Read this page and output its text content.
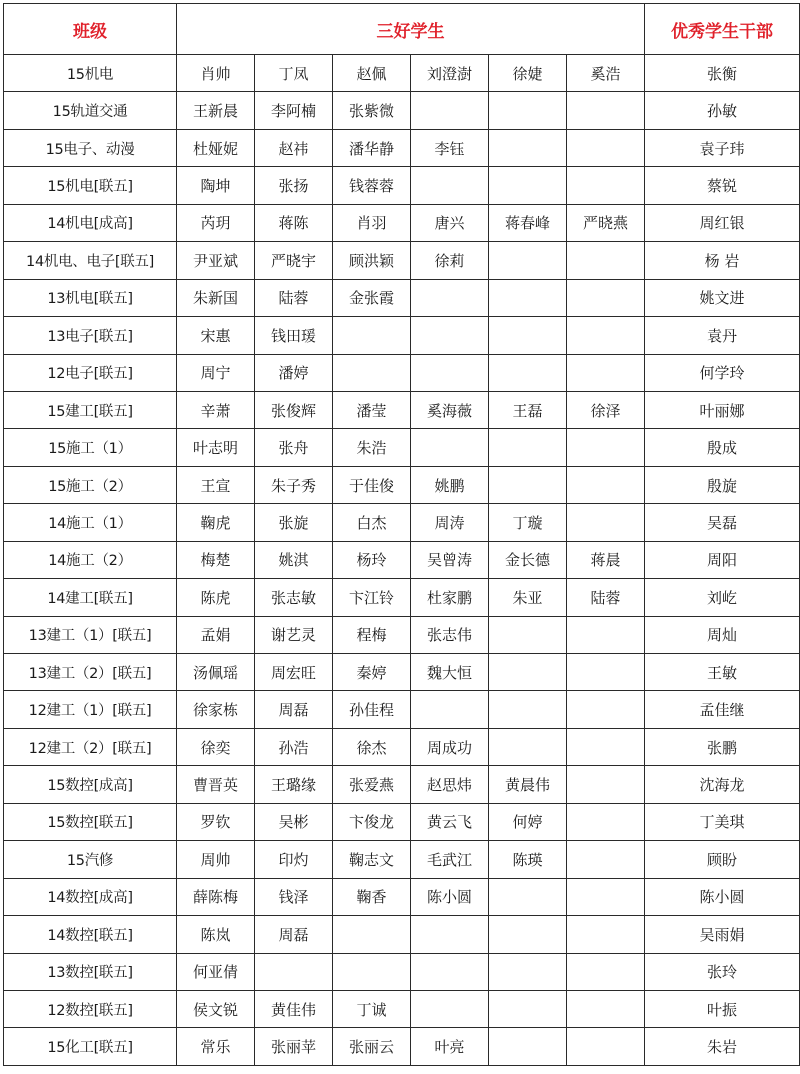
班级	三好学生						优秀学生干部
15机电	肖帅	丁凤	赵佩	刘澄澍	徐婕	奚浩	张衡
15轨道交通	王新晨	李阿楠	张紫微				孙敏
15电子、动漫	杜娅妮	赵祎	潘华静	李钰			袁子玮
15机电[联五]	陶坤	张扬	钱蓉蓉				蔡锐
14机电[成高]	芮玥	蒋陈	肖羽	唐兴	蒋春峰	严晓燕	周红银
14机电、电子[联五]	尹亚斌	严晓宇	顾洪颖	徐莉			杨 岩
13机电[联五]	朱新国	陆蓉	金张霞				姚文进
13电子[联五]	宋惠	钱田瑗					袁丹
12电子[联五]	周宁	潘婷					何学玲
15建工[联五]	辛萧	张俊辉	潘莹	奚海薇	王磊	徐泽	叶丽娜
15施工（1）	叶志明	张舟	朱浩				殷成
15施工（2）	王宣	朱子秀	于佳俊	姚鹏			殷旋
14施工（1）	鞠虎	张旋	白杰	周涛	丁璇		吴磊
14施工（2）	梅楚	姚淇	杨玲	吴曾涛	金长德	蒋晨	周阳
14建工[联五]	陈虎	张志敏	卞江铃	杜家鹏	朱亚	陆蓉	刘屹
13建工（1）[联五]	孟娟	谢艺灵	程梅	张志伟			周灿
13建工（2）[联五]	汤佩瑶	周宏旺	秦婷	魏大恒			王敏
12建工（1）[联五]	徐家栋	周磊	孙佳程				孟佳继
12建工（2）[联五]	徐奕	孙浩	徐杰	周成功			张鹏
15数控[成高]	曹晋英	王璐缘	张爱燕	赵思炜	黄晨伟		沈海龙
15数控[联五]	罗钦	吴彬	卞俊龙	黄云飞	何婷		丁美琪
15汽修	周帅	印灼	鞠志文	毛武江	陈瑛		顾盼
14数控[成高]	薛陈梅	钱泽	鞠香	陈小圆			陈小圆
14数控[联五]	陈岚	周磊					吴雨娟
13数控[联五]	何亚倩						张玲
12数控[联五]	侯文锐	黄佳伟	丁诚				叶振
15化工[联五]	常乐	张丽苹	张丽云	叶亮			朱岩
